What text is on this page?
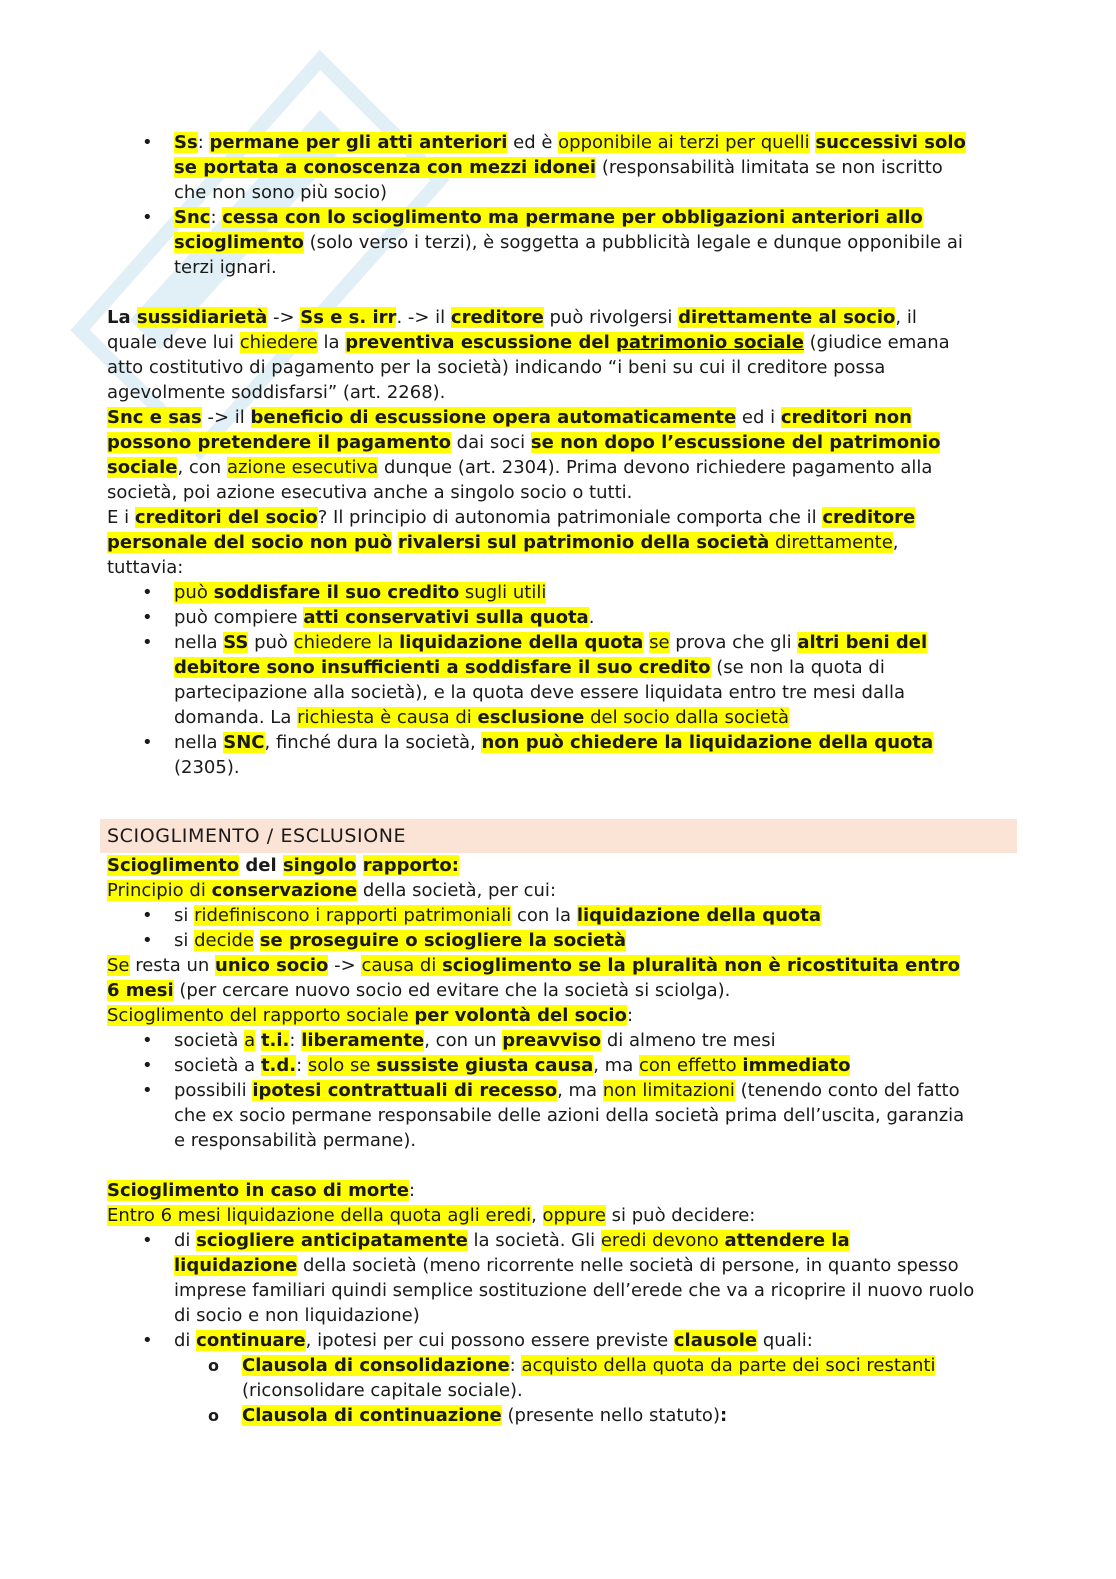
• Ss: permane per gli atti anteriori ed è opponibile ai terzi per quelli successivi solo
se portata a conoscenza con mezzi idonei (responsabilità limitata se non iscritto
che non sono più socio)
• Snc: cessa con lo scioglimento ma permane per obbligazioni anteriori allo
scioglimento (solo verso i terzi), è soggetta a pubblicità legale e dunque opponibile ai
terzi ignari.
La sussidiarietà -> Ss e s. irr. -> il creditore può rivolgersi direttamente al socio, il
quale deve lui chiedere la preventiva escussione del patrimonio sociale (giudice emana
atto costitutivo di pagamento per la società) indicando “i beni su cui il creditore possa
agevolmente soddisfarsi” (art. 2268).
Snc e sas -> il beneficio di escussione opera automaticamente ed i creditori non
possono pretendere il pagamento dai soci se non dopo l’escussione del patrimonio
sociale, con azione esecutiva dunque (art. 2304). Prima devono richiedere pagamento alla
società, poi azione esecutiva anche a singolo socio o tutti.
E i creditori del socio? Il principio di autonomia patrimoniale comporta che il creditore
personale del socio non può rivalersi sul patrimonio della società direttamente,
tuttavia:
• può soddisfare il suo credito sugli utili
• può compiere atti conservativi sulla quota.
• nella SS può chiedere la liquidazione della quota se prova che gli altri beni del
debitore sono insufficienti a soddisfare il suo credito (se non la quota di
partecipazione alla società), e la quota deve essere liquidata entro tre mesi dalla
domanda. La richiesta è causa di esclusione del socio dalla società
• nella SNC, finché dura la società, non può chiedere la liquidazione della quota
(2305).
SCIOGLIMENTO / ESCLUSIONE
Scioglimento del singolo rapporto:
Principio di conservazione della società, per cui:
• si ridefiniscono i rapporti patrimoniali con la liquidazione della quota
• si decide se proseguire o sciogliere la società
Se resta un unico socio -> causa di scioglimento se la pluralità non è ricostituita entro
6 mesi (per cercare nuovo socio ed evitare che la società si sciolga).
Scioglimento del rapporto sociale per volontà del socio:
• società a t.i.: liberamente, con un preavviso di almeno tre mesi
• società a t.d.: solo se sussiste giusta causa, ma con effetto immediato
• possibili ipotesi contrattuali di recesso, ma non limitazioni (tenendo conto del fatto
che ex socio permane responsabile delle azioni della società prima dell’uscita, garanzia
e responsabilità permane).
Scioglimento in caso di morte:
Entro 6 mesi liquidazione della quota agli eredi, oppure si può decidere:
• di sciogliere anticipatamente la società. Gli eredi devono attendere la
liquidazione della società (meno ricorrente nelle società di persone, in quanto spesso
imprese familiari quindi semplice sostituzione dell’erede che va a ricoprire il nuovo ruolo
di socio e non liquidazione)
• di continuare, ipotesi per cui possono essere previste clausole quali:
o Clausola di consolidazione: acquisto della quota da parte dei soci restanti
(riconsolidare capitale sociale).
o Clausola di continuazione (presente nello statuto):
